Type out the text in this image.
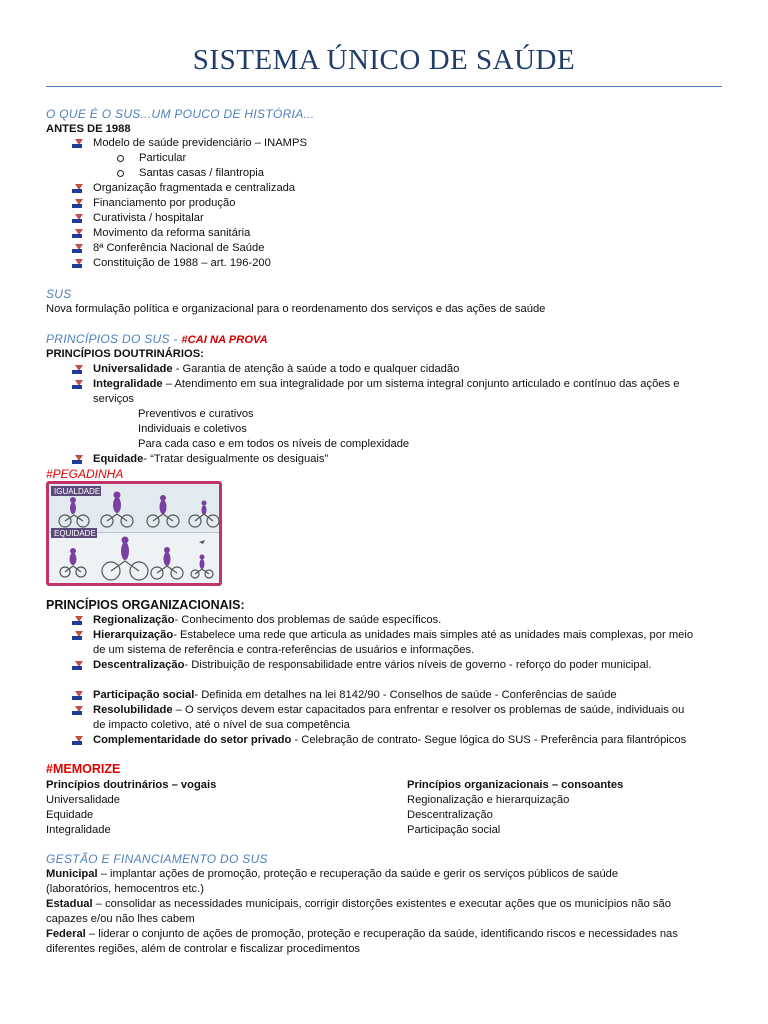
SISTEMA ÚNICO DE SAÚDE
O QUE É O SUS...UM POUCO DE HISTÓRIA...
ANTES DE 1988
Modelo de saúde previdenciário – INAMPS
Particular
Santas casas / filantropia
Organização fragmentada e centralizada
Financiamento por produção
Curativista / hospitalar
Movimento da reforma sanitária
8ª Conferência Nacional de Saúde
Constituição de 1988 – art. 196-200
SUS
Nova formulação política e organizacional para o reordenamento dos serviços e das ações de saúde
PRINCÍPIOS DO SUS - #CAI NA PROVA
PRINCÍPIOS DOUTRINÁRIOS:
Universalidade - Garantia de atenção à saúde a todo e qualquer cidadão
Integralidade – Atendimento em sua integralidade por um sistema integral conjunto articulado e contínuo das ações e
serviços
Preventivos e curativos
Individuais e coletivos
Para cada caso e em todos os níveis de complexidade
Equidade- “Tratar desigualmente os desiguais”
#PEGADINHA
IGUALDADE
EQUIDADE
PRINCÍPIOS ORGANIZACIONAIS:
Regionalização- Conhecimento dos problemas de saúde específicos.
Hierarquização- Estabelece uma rede que articula as unidades mais simples até as unidades mais complexas, por meio
de um sistema de referência e contra-referências de usuários e informações.
Descentralização- Distribuição de responsabilidade entre vários níveis de governo - reforço do poder municipal.
Participação social- Definida em detalhes na lei 8142/90 - Conselhos de saúde - Conferências de saúde
Resolubilidade – O serviços devem estar capacitados para enfrentar e resolver os problemas de saúde, individuais ou
de impacto coletivo, até o nível de sua competência
Complementaridade do setor privado - Celebração de contrato- Segue lógica do SUS - Preferência para filantrópicos
#MEMORIZE
Princípios doutrinários – vogais
Universalidade
Equidade
Integralidade
Princípios organizacionais – consoantes
Regionalização e hierarquização
Descentralização
Participação social
GESTÃO E FINANCIAMENTO DO SUS
Municipal – implantar ações de promoção, proteção e recuperação da saúde e gerir os serviços públicos de saúde
(laboratórios, hemocentros etc.)
Estadual – consolidar as necessidades municipais, corrigir distorções existentes e executar ações que os municípios não são
capazes e/ou não lhes cabem
Federal – liderar o conjunto de ações de promoção, proteção e recuperação da saúde, identificando riscos e necessidades nas
diferentes regiões, além de controlar e fiscalizar procedimentos
